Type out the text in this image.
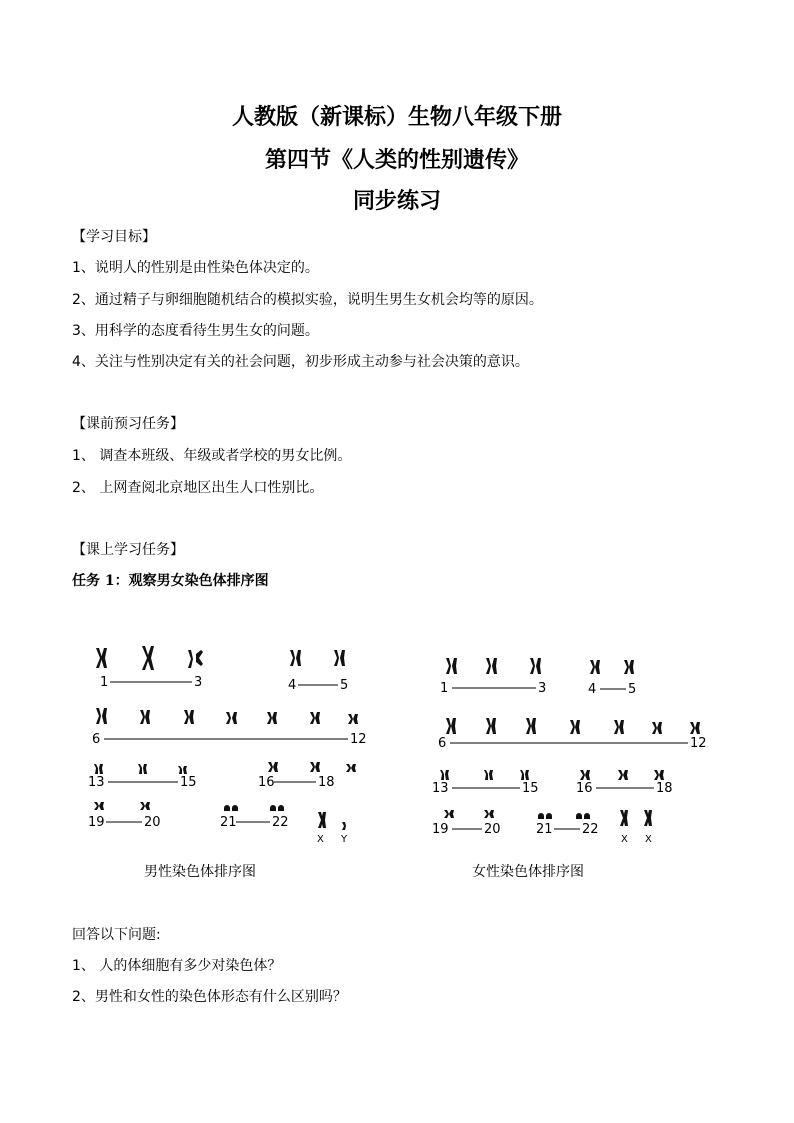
人教版（新课标）生物八年级下册
第四节《人类的性别遗传》
同步练习
【学习目标】
1、说明人的性别是由性染色体决定的。
2、通过精子与卵细胞随机结合的模拟实验，说明生男生女机会均等的原因。
3、用科学的态度看待生男生女的问题。
4、关注与性别决定有关的社会问题，初步形成主动参与社会决策的意识。
【课前预习任务】
1、 调查本班级、年级或者学校的男女比例。
2、 上网查阅北京地区出生人口性别比。
【课上学习任务】
任务 1：观察男女染色体排序图
1	3	4	5
6	12
13	15	16	18
19	20	21	22
X Y
1	3	4 5
6	12
13	15	16	18
19	20	21 22
X X
男性染色体排序图	女性染色体排序图
回答以下问题:
1、 人的体细胞有多少对染色体？
2、男性和女性的染色体形态有什么区别吗？
